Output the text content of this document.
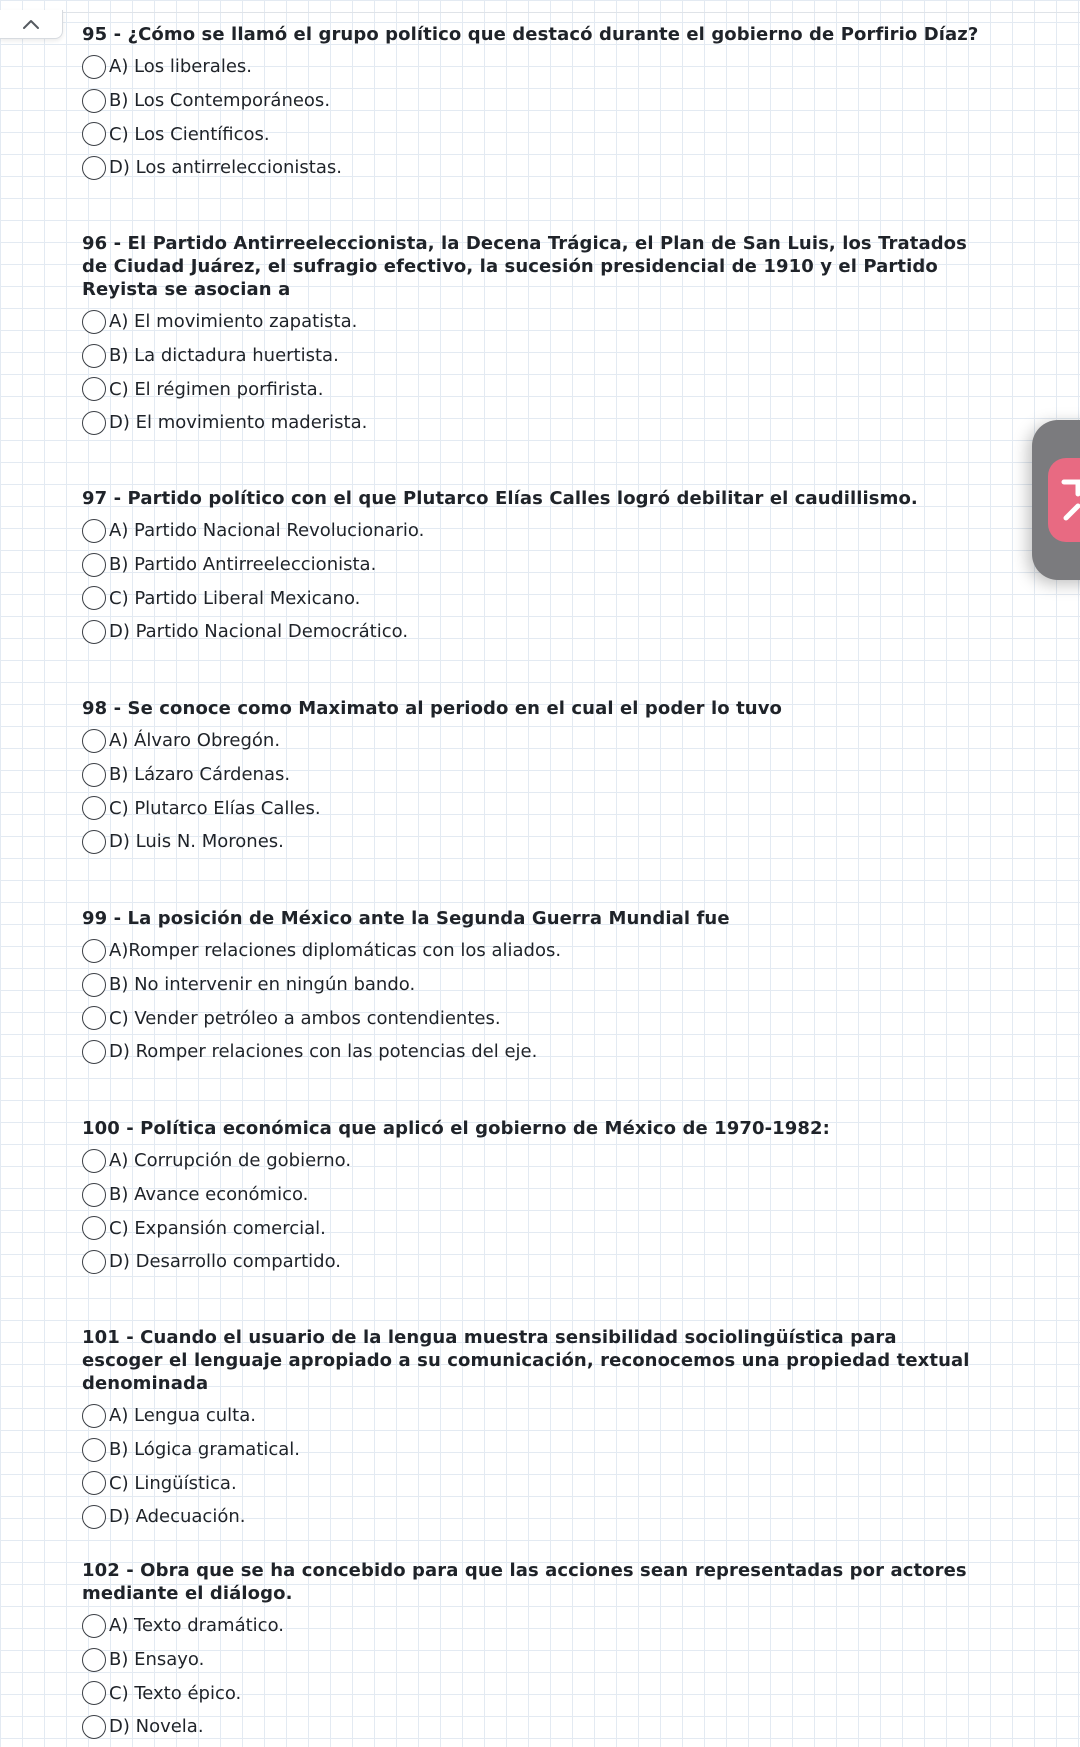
95 - ¿Cómo se llamó el grupo político que destacó durante el gobierno de Porfirio Díaz?

A) Los liberales.
B) Los Contemporáneos.
C) Los Científicos.
D) Los antirreleccionistas.

96 - El Partido Antirreeleccionista, la Decena Trágica, el Plan de San Luis, los Tratados de Ciudad Juárez, el sufragio efectivo, la sucesión presidencial de 1910 y el Partido Reyista se asocian a

A) El movimiento zapatista.
B) La dictadura huertista.
C) El régimen porfirista.
D) El movimiento maderista.

97 - Partido político con el que Plutarco Elías Calles logró debilitar el caudillismo.

A) Partido Nacional Revolucionario.
B) Partido Antirreeleccionista.
C) Partido Liberal Mexicano.
D) Partido Nacional Democrático.

98 - Se conoce como Maximato al periodo en el cual el poder lo tuvo

A) Álvaro Obregón.
B) Lázaro Cárdenas.
C) Plutarco Elías Calles.
D) Luis N. Morones.

99 - La posición de México ante la Segunda Guerra Mundial fue

A)Romper relaciones diplomáticas con los aliados.
B) No intervenir en ningún bando.
C) Vender petróleo a ambos contendientes.
D) Romper relaciones con las potencias del eje.

100 - Política económica que aplicó el gobierno de México de 1970-1982:

A) Corrupción de gobierno.
B) Avance económico.
C) Expansión comercial.
D) Desarrollo compartido.

101 - Cuando el usuario de la lengua muestra sensibilidad sociolingüística para escoger el lenguaje apropiado a su comunicación, reconocemos una propiedad textual denominada

A) Lengua culta.
B) Lógica gramatical.
C) Lingüística.
D) Adecuación.

102 - Obra que se ha concebido para que las acciones sean representadas por actores mediante el diálogo.

A) Texto dramático.
B) Ensayo.
C) Texto épico.
D) Novela.
